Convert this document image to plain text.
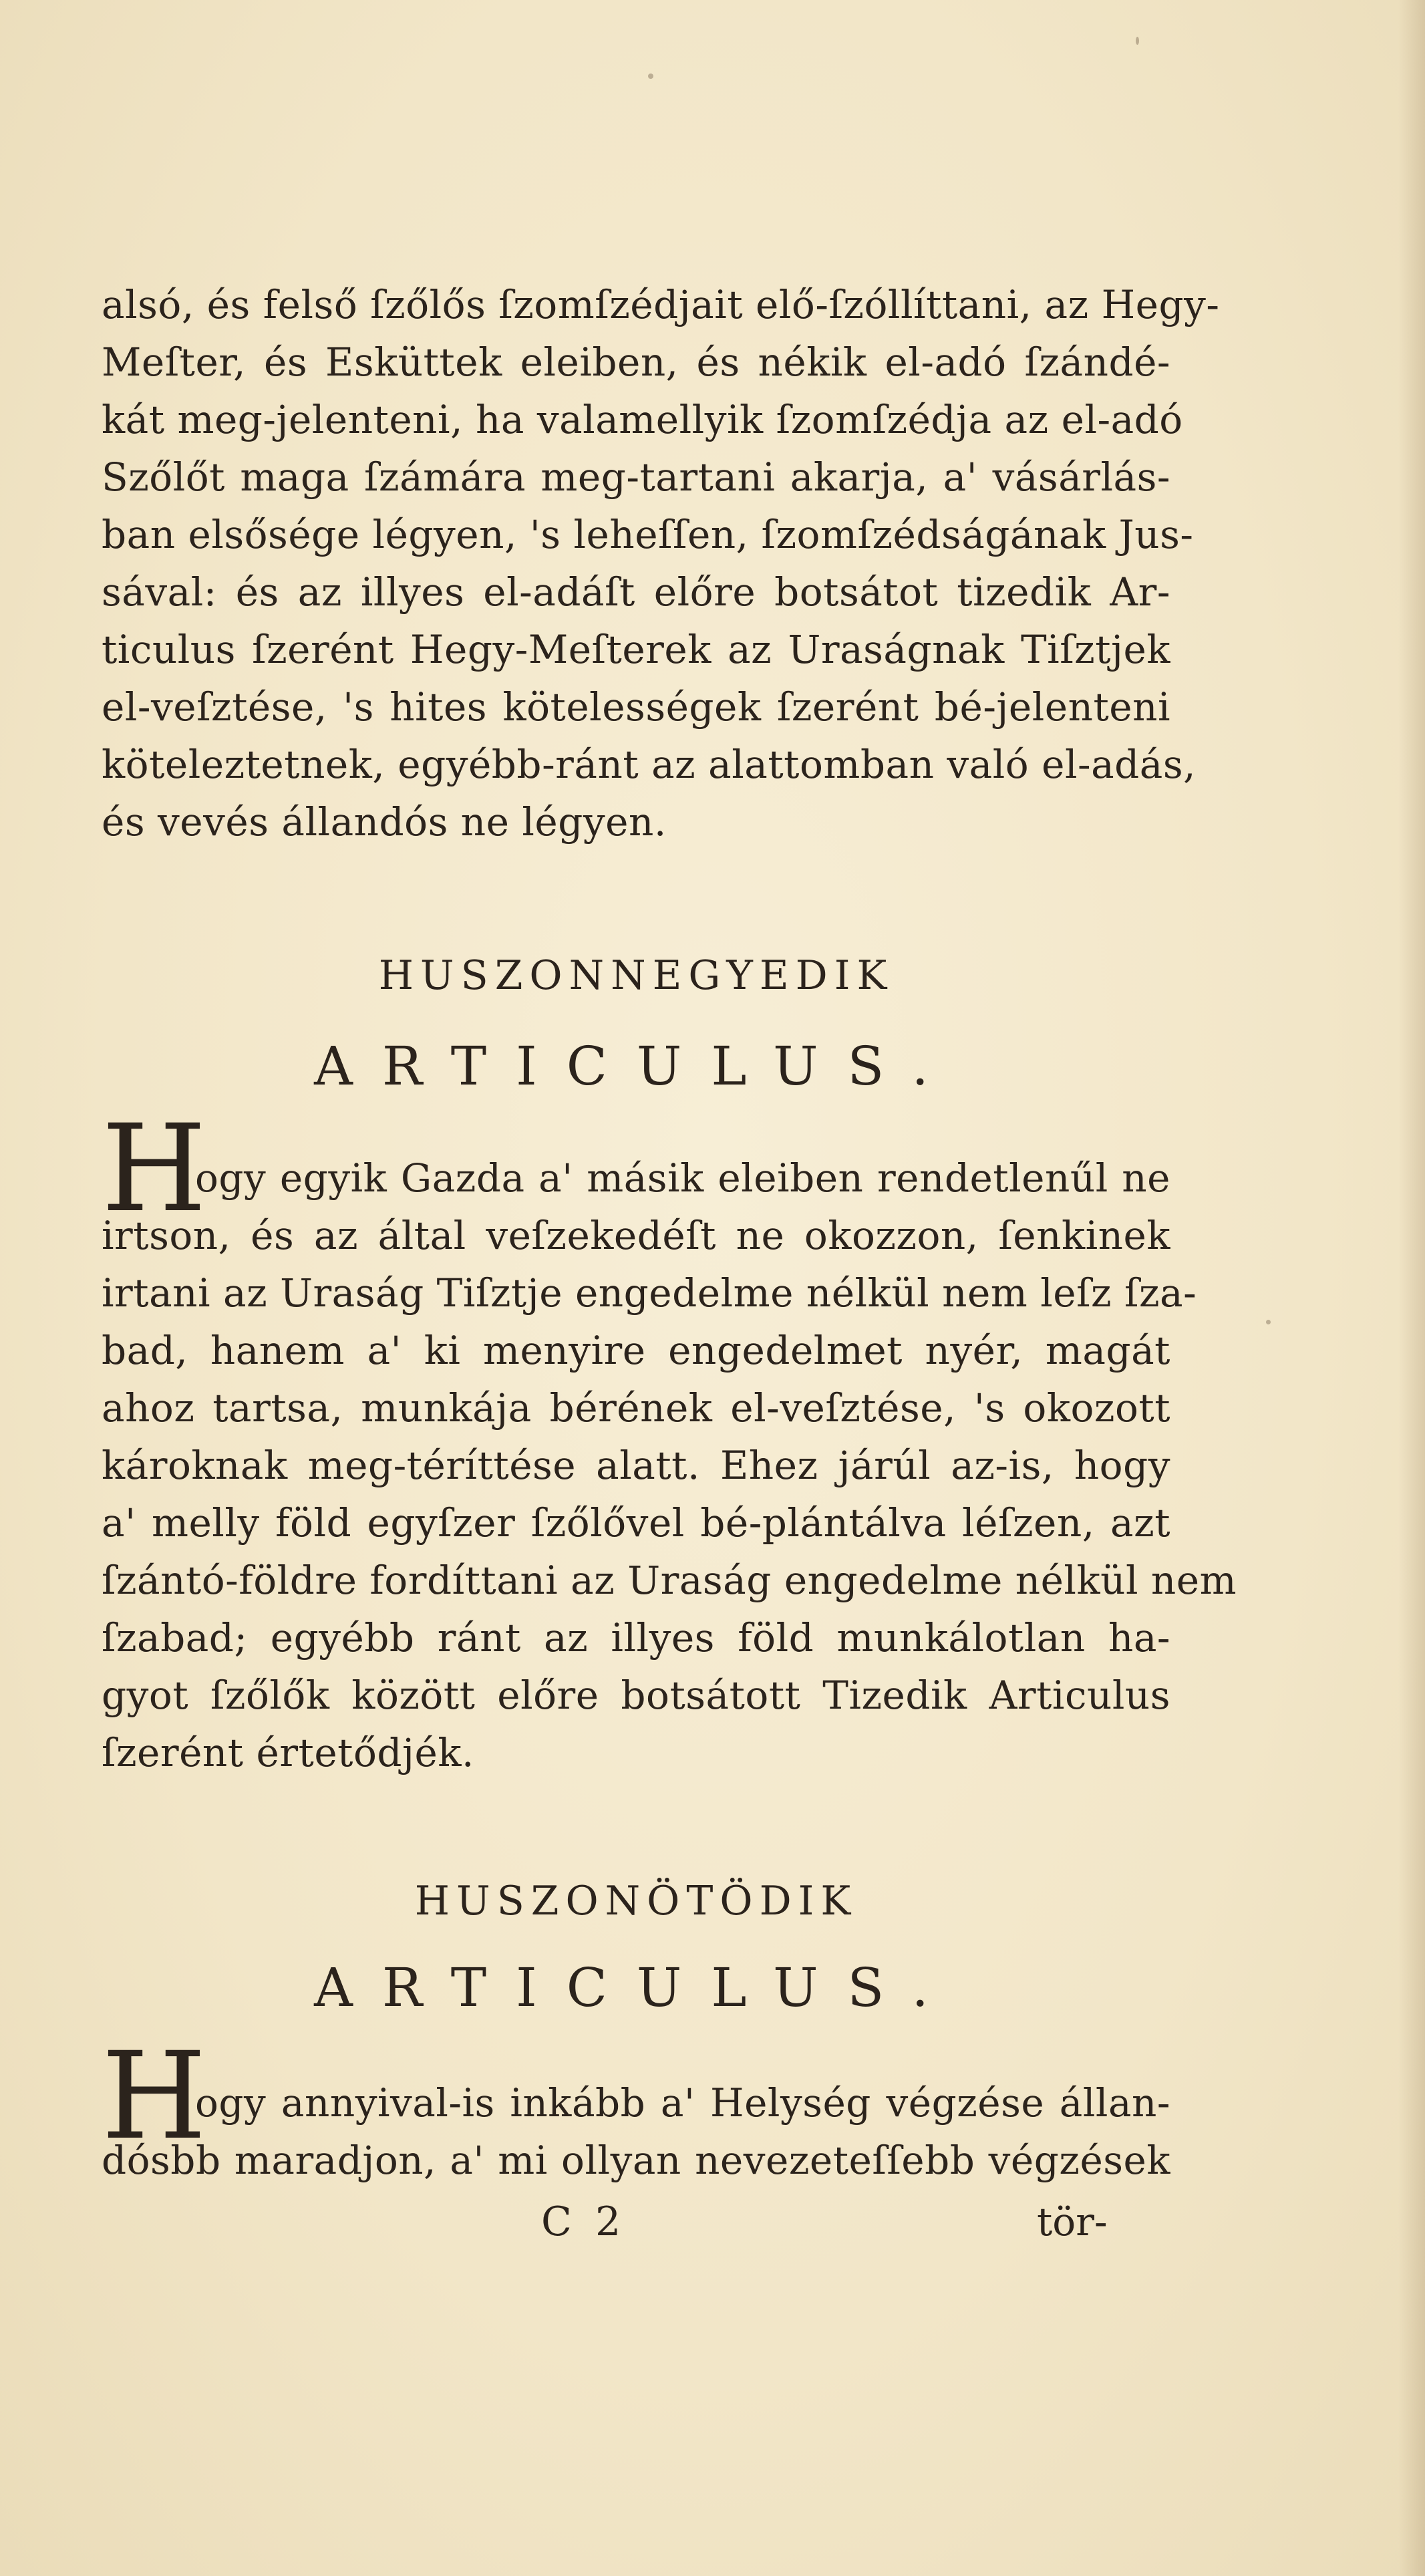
alsó, és felső ſzőlős ſzomſzédjait elő-ſzóllíttani, az Hegy-
Meſter, és Esküttek eleiben, és nékik el-adó ſzándé-
kát meg-jelenteni, ha valamellyik ſzomſzédja az el-adó
Szőlőt maga ſzámára meg-tartani akarja, a' vásárlás-
ban elsősége légyen, 's leheſſen, ſzomſzédságának Jus-
sával: és az illyes el-adáſt előre botsátot tizedik Ar-
ticulus ſzerént Hegy-Meſterek az Uraságnak Tiſztjek
el-veſztése, 's hites kötelességek ſzerént bé-jelenteni
köteleztetnek, egyébb-ránt az alattomban való el-adás,
és vevés állandós ne légyen.
HUSZONNEGYEDIK
ARTICULUS.
H
ogy egyik Gazda a' másik eleiben rendetlenűl ne
irtson, és az által veſzekedéſt ne okozzon, ſenkinek
irtani az Uraság Tiſztje engedelme nélkül nem leſz ſza-
bad, hanem a' ki menyire engedelmet nyér, magát
ahoz tartsa, munkája bérének el-veſztése, 's okozott
károknak meg-téríttése alatt. Ehez járúl az-is, hogy
a' melly föld egyſzer ſzőlővel bé-plántálva léſzen, azt
ſzántó-földre fordíttani az Uraság engedelme nélkül nem
ſzabad; egyébb ránt az illyes föld munkálotlan ha-
gyot ſzőlők között előre botsátott Tizedik Articulus
ſzerént értetődjék.
HUSZONÖTÖDIK
ARTICULUS.
H
ogy annyival-is inkább a' Helység végzése állan-
dósbb maradjon, a' mi ollyan nevezeteſſebb végzések
C 2	tör-
